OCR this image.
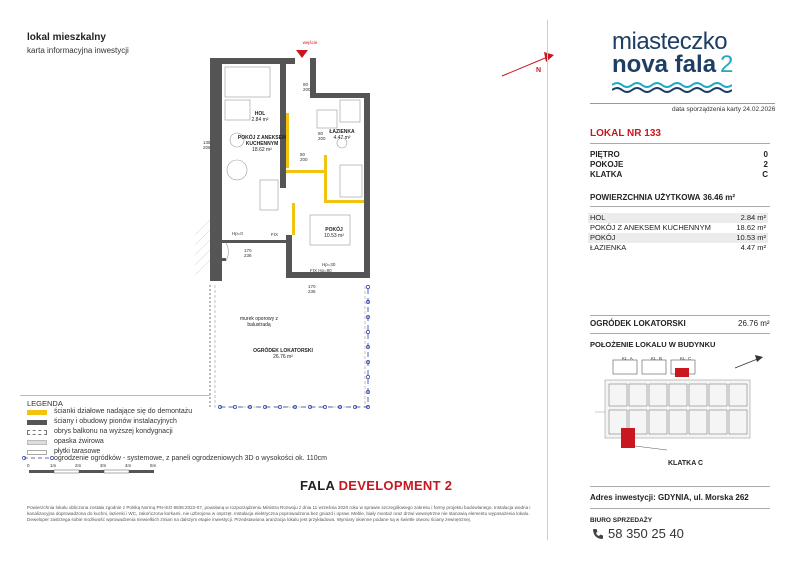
lokal mieszkalny
karta informacyjna inwestycji
N
wejście
HOL
2.84 m²
POKÓJ Z ANEKSEM KUCHENNYM
18.62 m²
ŁAZIENKA
4.47 m²
POKÓJ
10.53 m²
OGRÓDEK LOKATORSKI
26.76 m²
murek oporowy z balustradą
Hp=0	FIX
Hp=30
FIX Hp=90
80 200
80 200
80 200
135 206
170 236
170 236
LEGENDA
ścianki działowe nadające się do demontażu
ściany i obudowy pionów instalacyjnych
obrys balkonu na wyższej kondygnacji
opaska żwirowa
płytki tarasowe
ogrodzenie ogródków - systemowe, z paneli ogrodzeniowych 3D o wysokości ok. 110cm
0	1m	2m	3m	4m	5m
FALA DEVELOPMENT 2
Powierzchnia lokalu obliczona została zgodnie z Polską Normą PN-ISO 9836:2022-07, powołaną w rozporządzeniu Ministra Rozwoju z dnia 11 września 2020 roku w sprawie szczegółowego zakresu i formy projektu budowlanego. Instalacja wodna i kanalizacyjna doprowadzona do kuchni, łazienki i WC, zakończona korkami, nie uzbrojona w osprzęt. Instalacja elektryczna poprowadzona bez gniazd i opraw. Meble, biały montaż oraz drzwi wewnętrzne nie stanowią elementu wyposażenia lokalu. Deweloper zastrzega sobie możliwość wprowadzenia niewielkich zmian na dalszym etapie inwestycji. Przedstawiona aranżacja lokalu jest przykładowa. Wymiary okienne podane są w świetle otworu ściany zewnętrznej.
miasteczko
nova fala 2
data sporządzenia karty 24.02.2026
LOKAL NR 133
PIĘTRO	0
POKOJE	2
KLATKA	C
POWIERZCHNIA UŻYTKOWA 36.46 m²
HOL	2.84 m²
POKÓJ Z ANEKSEM KUCHENNYM	18.62 m²
POKÓJ	10.53 m²
ŁAZIENKA	4.47 m²
OGRÓDEK LOKATORSKI	26.76 m²
POŁOŻENIE LOKALU W BUDYNKU
KL. A	KL. B	KL. C
KLATKA C
Adres inwestycji: GDYNIA, ul. Morska 262
BIURO SPRZEDAŻY
58 350 25 40
